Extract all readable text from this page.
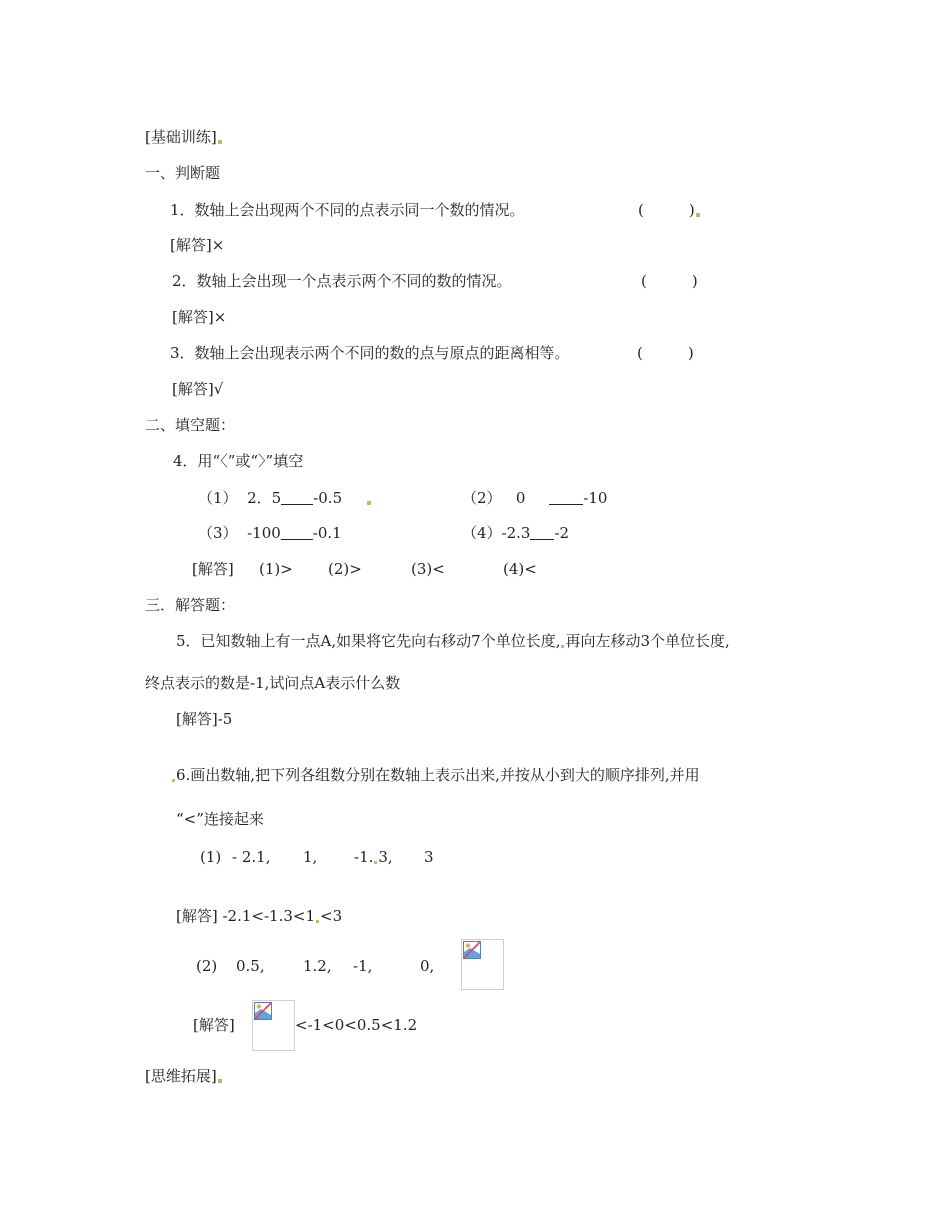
[基础训练]
一、判断题
1．数轴上会出现两个不同的点表示同一个数的情况。	(　　　)
[解答]×
2．数轴上会出现一个点表示两个不同的数的情况。	(　　　)
[解答]×
3．数轴上会出现表示两个不同的数的点与原点的距离相等。	(　　　)
[解答]√
二、填空题：
4．用“〈”或“〉”填空
（1） 2．5 -0.5	（2） 0	-10
（3） -100 -0.1	（4）-2.3 -2
[解答] (1)> (2)>	(3)<	(4)<
三．解答题：
5．已知数轴上有一点A,如果将它先向右移动7个单位长度, 再向左移动3个单位长度,
终点表示的数是-1,试问点A表示什么数
[解答]-5
6.画出数轴,把下列各组数分别在数轴上表示出来,并按从小到大的顺序排列,并用
“<”连接起来
(1) - 2.1, 1, -1. 3, 3
[解答] -2.1<-1.3<1 <3
(2) 0.5,	1.2, -1,	0,
[解答]	<-1<0<0.5<1.2
[思维拓展]
